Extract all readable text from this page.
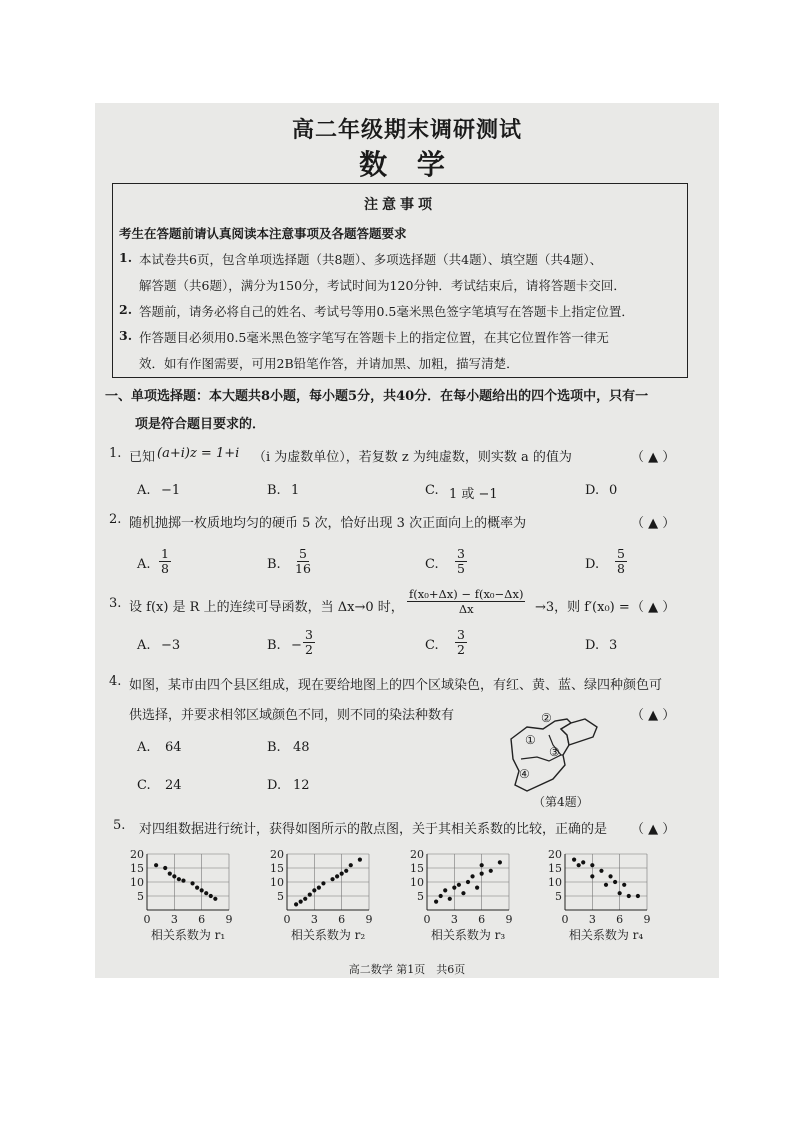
高二年级期末调研测试
数 学
注意事项
考生在答题前请认真阅读本注意事项及各题答题要求
1. 本试卷共6页，包含单项选择题（共8题）、多项选择题（共4题）、填空题（共4题）、
解答题（共6题），满分为150分，考试时间为120分钟．考试结束后，请将答题卡交回．
2. 答题前，请务必将自己的姓名、考试号等用0.5毫米黑色签字笔填写在答题卡上指定位置．
3. 作答题目必须用0.5毫米黑色签字笔写在答题卡上的指定位置，在其它位置作答一律无
效．如有作图需要，可用2B铅笔作答，并请加黑、加粗，描写清楚．
一、单项选择题：本大题共8小题，每小题5分，共40分．在每小题给出的四个选项中，只有一
项是符合题目要求的．
1. 已知 (a+i)z = 1+i （i 为虚数单位），若复数 z 为纯虚数，则实数 a 的值为	（ ▲ ）
A. −1	B. 1	C. 1 或 −1	D. 0
2. 随机抛掷一枚质地均匀的硬币 5 次，恰好出现 3 次正面向上的概率为	（ ▲ ）
A. $\frac{1}{8}$	B. $\frac{5}{16}$	C. $\frac{3}{5}$	D. $\frac{5}{8}$
3. 设 f(x) 是 R 上的连续可导函数，当 Δx→0 时， $\frac{\text{f(x₀+Δx) − f(x₀−Δx)}}{\Delta x} \to 3$，则 f′(x₀) = （ ▲ ）
A. −3	B. − $\frac{3}{2}$	C. $\frac{3}{2}$	D. 3
4. 如图，某市由四个县区组成，现在要给地图上的四个区域染色，有红、黄、蓝、绿四种颜色可
供选择，并要求相邻区域颜色不同，则不同的染法种数有	（ ▲ ）
A. 64	B. 48
C. 24	D. 12
②
①
③
④
（第4题）
5. 对四组数据进行统计，获得如图所示的散点图，关于其相关系数的比较，正确的是 （ ▲ ）
5
10
15
20
0 3 6 9
相关系数为 r₁
5
10
15
20
0 3 6 9
相关系数为 r₂
5
10
15
20
0 3 6 9
相关系数为 r₃
5
10
15
20
0 3 6 9
相关系数为 r₄
高二数学 第1页　共6页
